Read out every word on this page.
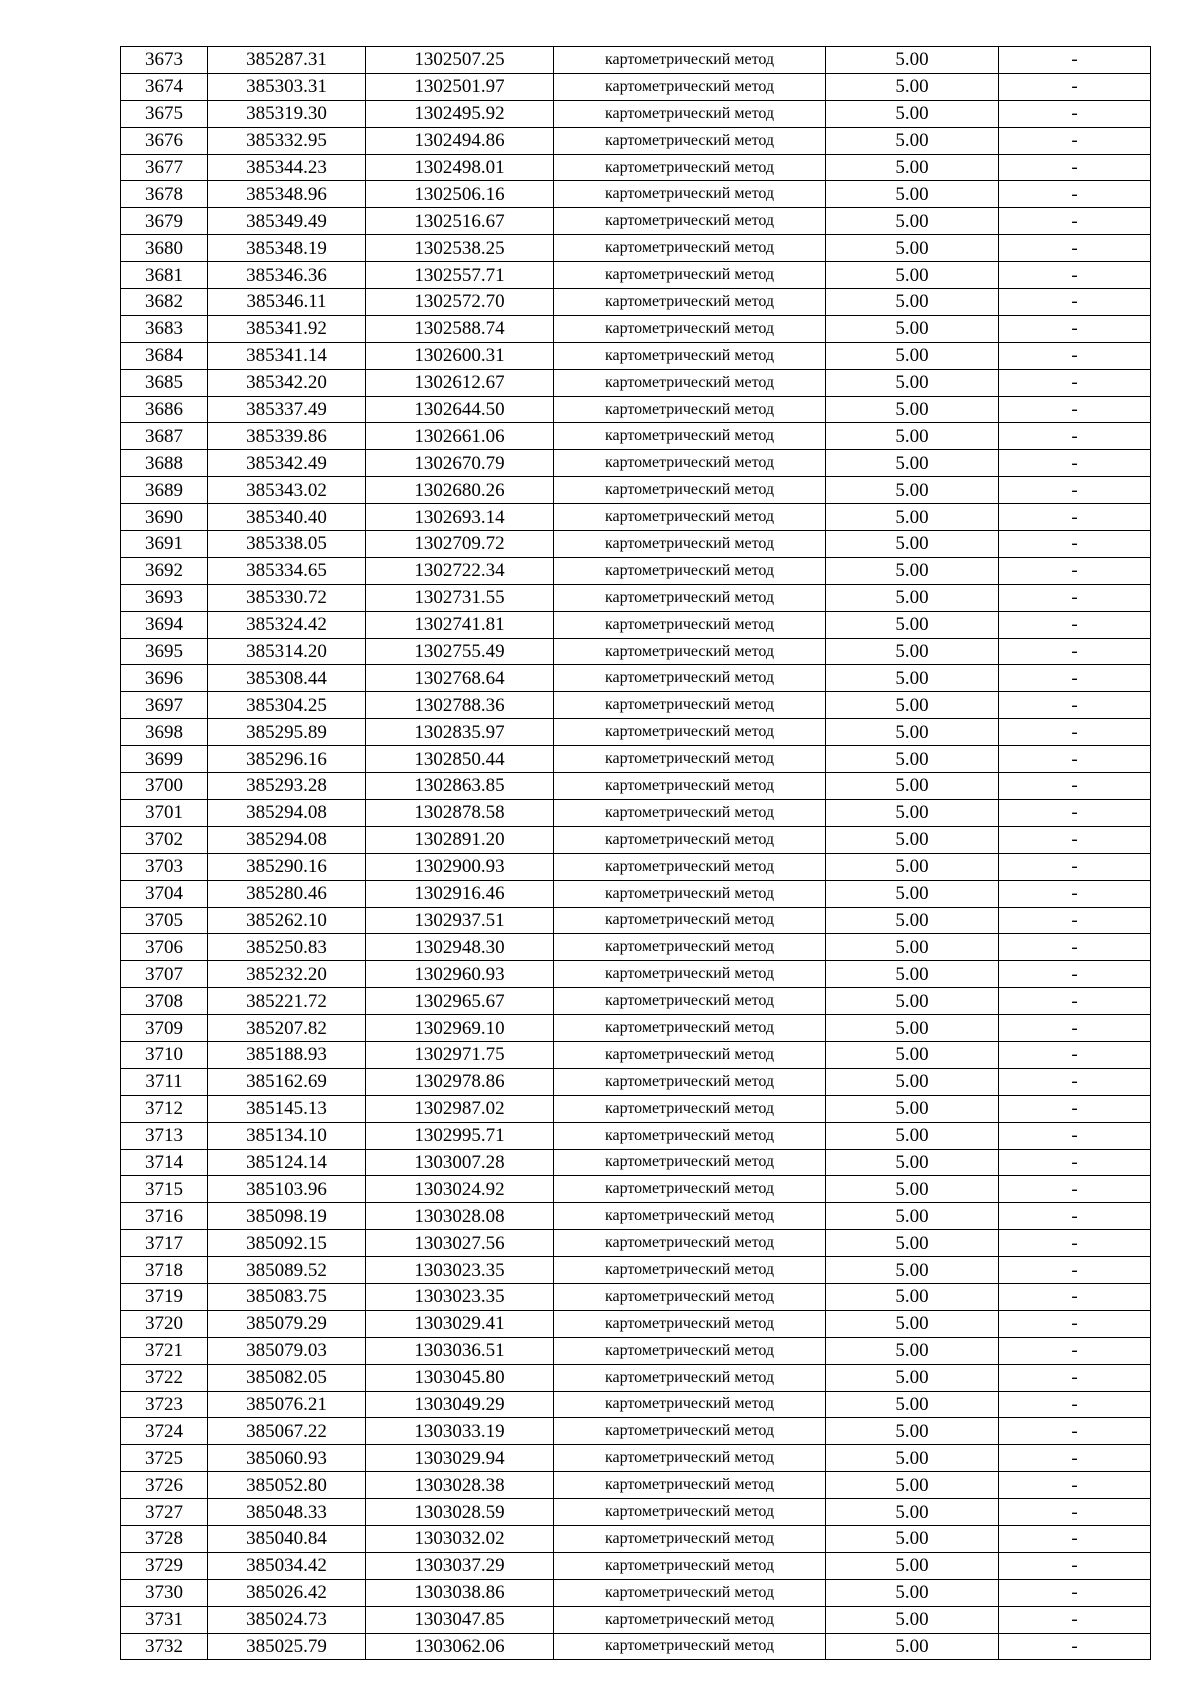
3673	385287.31	1302507.25	картометрический метод	5.00	-
3674	385303.31	1302501.97	картометрический метод	5.00	-
3675	385319.30	1302495.92	картометрический метод	5.00	-
3676	385332.95	1302494.86	картометрический метод	5.00	-
3677	385344.23	1302498.01	картометрический метод	5.00	-
3678	385348.96	1302506.16	картометрический метод	5.00	-
3679	385349.49	1302516.67	картометрический метод	5.00	-
3680	385348.19	1302538.25	картометрический метод	5.00	-
3681	385346.36	1302557.71	картометрический метод	5.00	-
3682	385346.11	1302572.70	картометрический метод	5.00	-
3683	385341.92	1302588.74	картометрический метод	5.00	-
3684	385341.14	1302600.31	картометрический метод	5.00	-
3685	385342.20	1302612.67	картометрический метод	5.00	-
3686	385337.49	1302644.50	картометрический метод	5.00	-
3687	385339.86	1302661.06	картометрический метод	5.00	-
3688	385342.49	1302670.79	картометрический метод	5.00	-
3689	385343.02	1302680.26	картометрический метод	5.00	-
3690	385340.40	1302693.14	картометрический метод	5.00	-
3691	385338.05	1302709.72	картометрический метод	5.00	-
3692	385334.65	1302722.34	картометрический метод	5.00	-
3693	385330.72	1302731.55	картометрический метод	5.00	-
3694	385324.42	1302741.81	картометрический метод	5.00	-
3695	385314.20	1302755.49	картометрический метод	5.00	-
3696	385308.44	1302768.64	картометрический метод	5.00	-
3697	385304.25	1302788.36	картометрический метод	5.00	-
3698	385295.89	1302835.97	картометрический метод	5.00	-
3699	385296.16	1302850.44	картометрический метод	5.00	-
3700	385293.28	1302863.85	картометрический метод	5.00	-
3701	385294.08	1302878.58	картометрический метод	5.00	-
3702	385294.08	1302891.20	картометрический метод	5.00	-
3703	385290.16	1302900.93	картометрический метод	5.00	-
3704	385280.46	1302916.46	картометрический метод	5.00	-
3705	385262.10	1302937.51	картометрический метод	5.00	-
3706	385250.83	1302948.30	картометрический метод	5.00	-
3707	385232.20	1302960.93	картометрический метод	5.00	-
3708	385221.72	1302965.67	картометрический метод	5.00	-
3709	385207.82	1302969.10	картометрический метод	5.00	-
3710	385188.93	1302971.75	картометрический метод	5.00	-
3711	385162.69	1302978.86	картометрический метод	5.00	-
3712	385145.13	1302987.02	картометрический метод	5.00	-
3713	385134.10	1302995.71	картометрический метод	5.00	-
3714	385124.14	1303007.28	картометрический метод	5.00	-
3715	385103.96	1303024.92	картометрический метод	5.00	-
3716	385098.19	1303028.08	картометрический метод	5.00	-
3717	385092.15	1303027.56	картометрический метод	5.00	-
3718	385089.52	1303023.35	картометрический метод	5.00	-
3719	385083.75	1303023.35	картометрический метод	5.00	-
3720	385079.29	1303029.41	картометрический метод	5.00	-
3721	385079.03	1303036.51	картометрический метод	5.00	-
3722	385082.05	1303045.80	картометрический метод	5.00	-
3723	385076.21	1303049.29	картометрический метод	5.00	-
3724	385067.22	1303033.19	картометрический метод	5.00	-
3725	385060.93	1303029.94	картометрический метод	5.00	-
3726	385052.80	1303028.38	картометрический метод	5.00	-
3727	385048.33	1303028.59	картометрический метод	5.00	-
3728	385040.84	1303032.02	картометрический метод	5.00	-
3729	385034.42	1303037.29	картометрический метод	5.00	-
3730	385026.42	1303038.86	картометрический метод	5.00	-
3731	385024.73	1303047.85	картометрический метод	5.00	-
3732	385025.79	1303062.06	картометрический метод	5.00	-
